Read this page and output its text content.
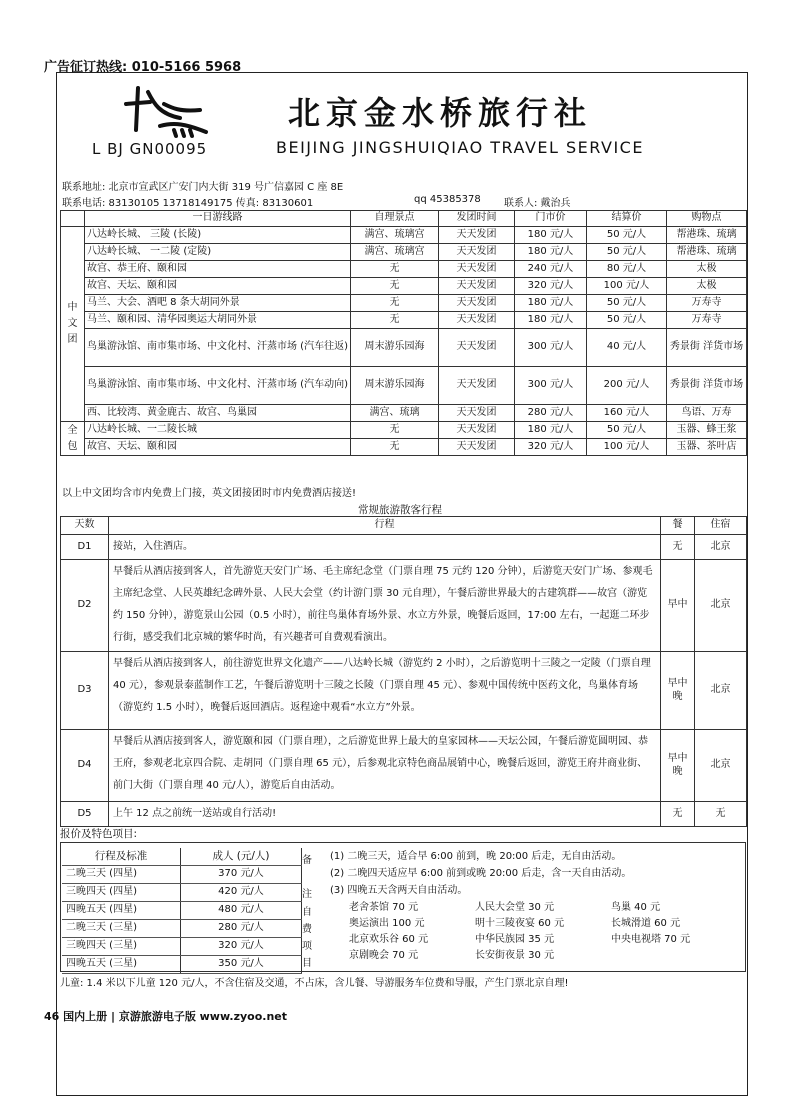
广告征订热线: 010-5166 5968
北京金水桥旅行社
L BJ GN00095	BEIJING JINGSHUIQIAO TRAVEL SERVICE
联系地址: 北京市宣武区广安门内大街 319 号广信嘉园 C 座 8E
联系电话: 83130105 13718149175 传真: 83130601	qq 45385378 联系人: 戴治兵
	一日游线路	自理景点	发团时间	门市价	结算价	购物点
中文团	八达岭长城、 三陵 (长陵)	满宫、琉璃宫	天天发团	180 元/人	50 元/人	帮港珠、琉璃
	八达岭长城、 一二陵 (定陵)	满宫、琉璃宫	天天发团	180 元/人	50 元/人	帮港珠、琉璃
	故宫、恭王府、颐和园	无	天天发团	240 元/人	80 元/人	太极
	故宫、天坛、颐和园	无	天天发团	320 元/人	100 元/人	太极
	马兰、大会、酒吧 8 条大胡同外景	无	天天发团	180 元/人	50 元/人	万寿寺
	马兰、颐和园、清华园奥运大胡同外景	无	天天发团	180 元/人	50 元/人	万寿寺
	鸟巢游泳馆、南市集市场、中文化村、汗蒸市场 (汽车往返)	周末游乐园海	天天发团	300 元/人	40 元/人	秀景街 洋货市场
	鸟巢游泳馆、南市集市场、中文化村、汗蒸市场 (汽车动向)	周末游乐园海	天天发团	300 元/人	200 元/人	秀景街 洋货市场
	西、比较湾、黄金鹿古、故宫、鸟巢园	满宫、琉璃	天天发团	280 元/人	160 元/人	鸟语、万寿
全包	八达岭长城、一二陵长城	无	天天发团	180 元/人	50 元/人	玉器、蜂王浆
	故宫、天坛、颐和园	无	天天发团	320 元/人	100 元/人	玉器、茶叶店
以上中文团均含市内免费上门接，英文团接团时市内免费酒店接送!
常规旅游散客行程
天数	行程	餐	住宿
D1	接站，入住酒店。	无	北京
D2	早餐后从酒店接到客人，首先游览天安门广场、毛主席纪念堂（门票自理 75 元约 120 分钟），后游览天安门广场、参观毛主席纪念堂、人民英雄纪念碑外景、人民大会堂（约计游门票 30 元自理），午餐后游世界最大的古建筑群——故宫（游览约 150 分钟），游览景山公园（0.5 小时），前往鸟巢体育场外景、水立方外景，晚餐后返回，17:00 左右，一起逛二环步行街，感受我们北京城的繁华时尚，有兴趣者可自费观看演出。	早中	北京
D3	早餐后从酒店接到客人，前往游览世界文化遗产——八达岭长城（游览约 2 小时），之后游览明十三陵之一定陵（门票自理 40 元），参观景泰蓝制作工艺，午餐后游览明十三陵之长陵（门票自理 45 元）、参观中国传统中医药文化，鸟巢体育场（游览约 1.5 小时），晚餐后返回酒店。返程途中观看“水立方”外景。	早中晚	北京
D4	早餐后从酒店接到客人，游览颐和园（门票自理），之后游览世界上最大的皇家园林——天坛公园，午餐后游览圆明园、恭王府，参观老北京四合院、走胡同（门票自理 65 元），后参观北京特色商品展销中心，晚餐后返回，游览王府井商业街、前门大街（门票自理 40 元/人），游览后自由活动。	早中晚	北京
D5	上午 12 点之前统一送站或自行活动!	无	无
报价及特色项目:
行程及标准	成人 (元/人)
二晚三天 (四星)	370 元/人
三晚四天 (四星)	420 元/人
四晚五天 (四星)	480 元/人
二晚三天 (三星)	280 元/人
三晚四天 (三星)	320 元/人
四晚五天 (三星)	350 元/人
备
注
(1) 二晚三天，适合早 6:00 前到，晚 20:00 后走，无自由活动。
(2) 二晚四天适应早 6:00 前到或晚 20:00 后走，含一天自由活动。
(3) 四晚五天含两天自由活动。
自
费
项
目
老舍茶馆 70 元	人民大会堂 30 元	鸟巢 40 元
奥运演出 100 元	明十三陵夜宴 60 元	长城滑道 60 元
北京欢乐谷 60 元	中华民族园 35 元	中央电视塔 70 元
京剧晚会 70 元	长安街夜景 30 元	
儿童: 1.4 米以下儿童 120 元/人，不含住宿及交通，不占床，含儿餐、导游服务车位费和导服，产生门票北京自理!
46 国内上册 | 京游旅游电子版 www.zyoo.net
